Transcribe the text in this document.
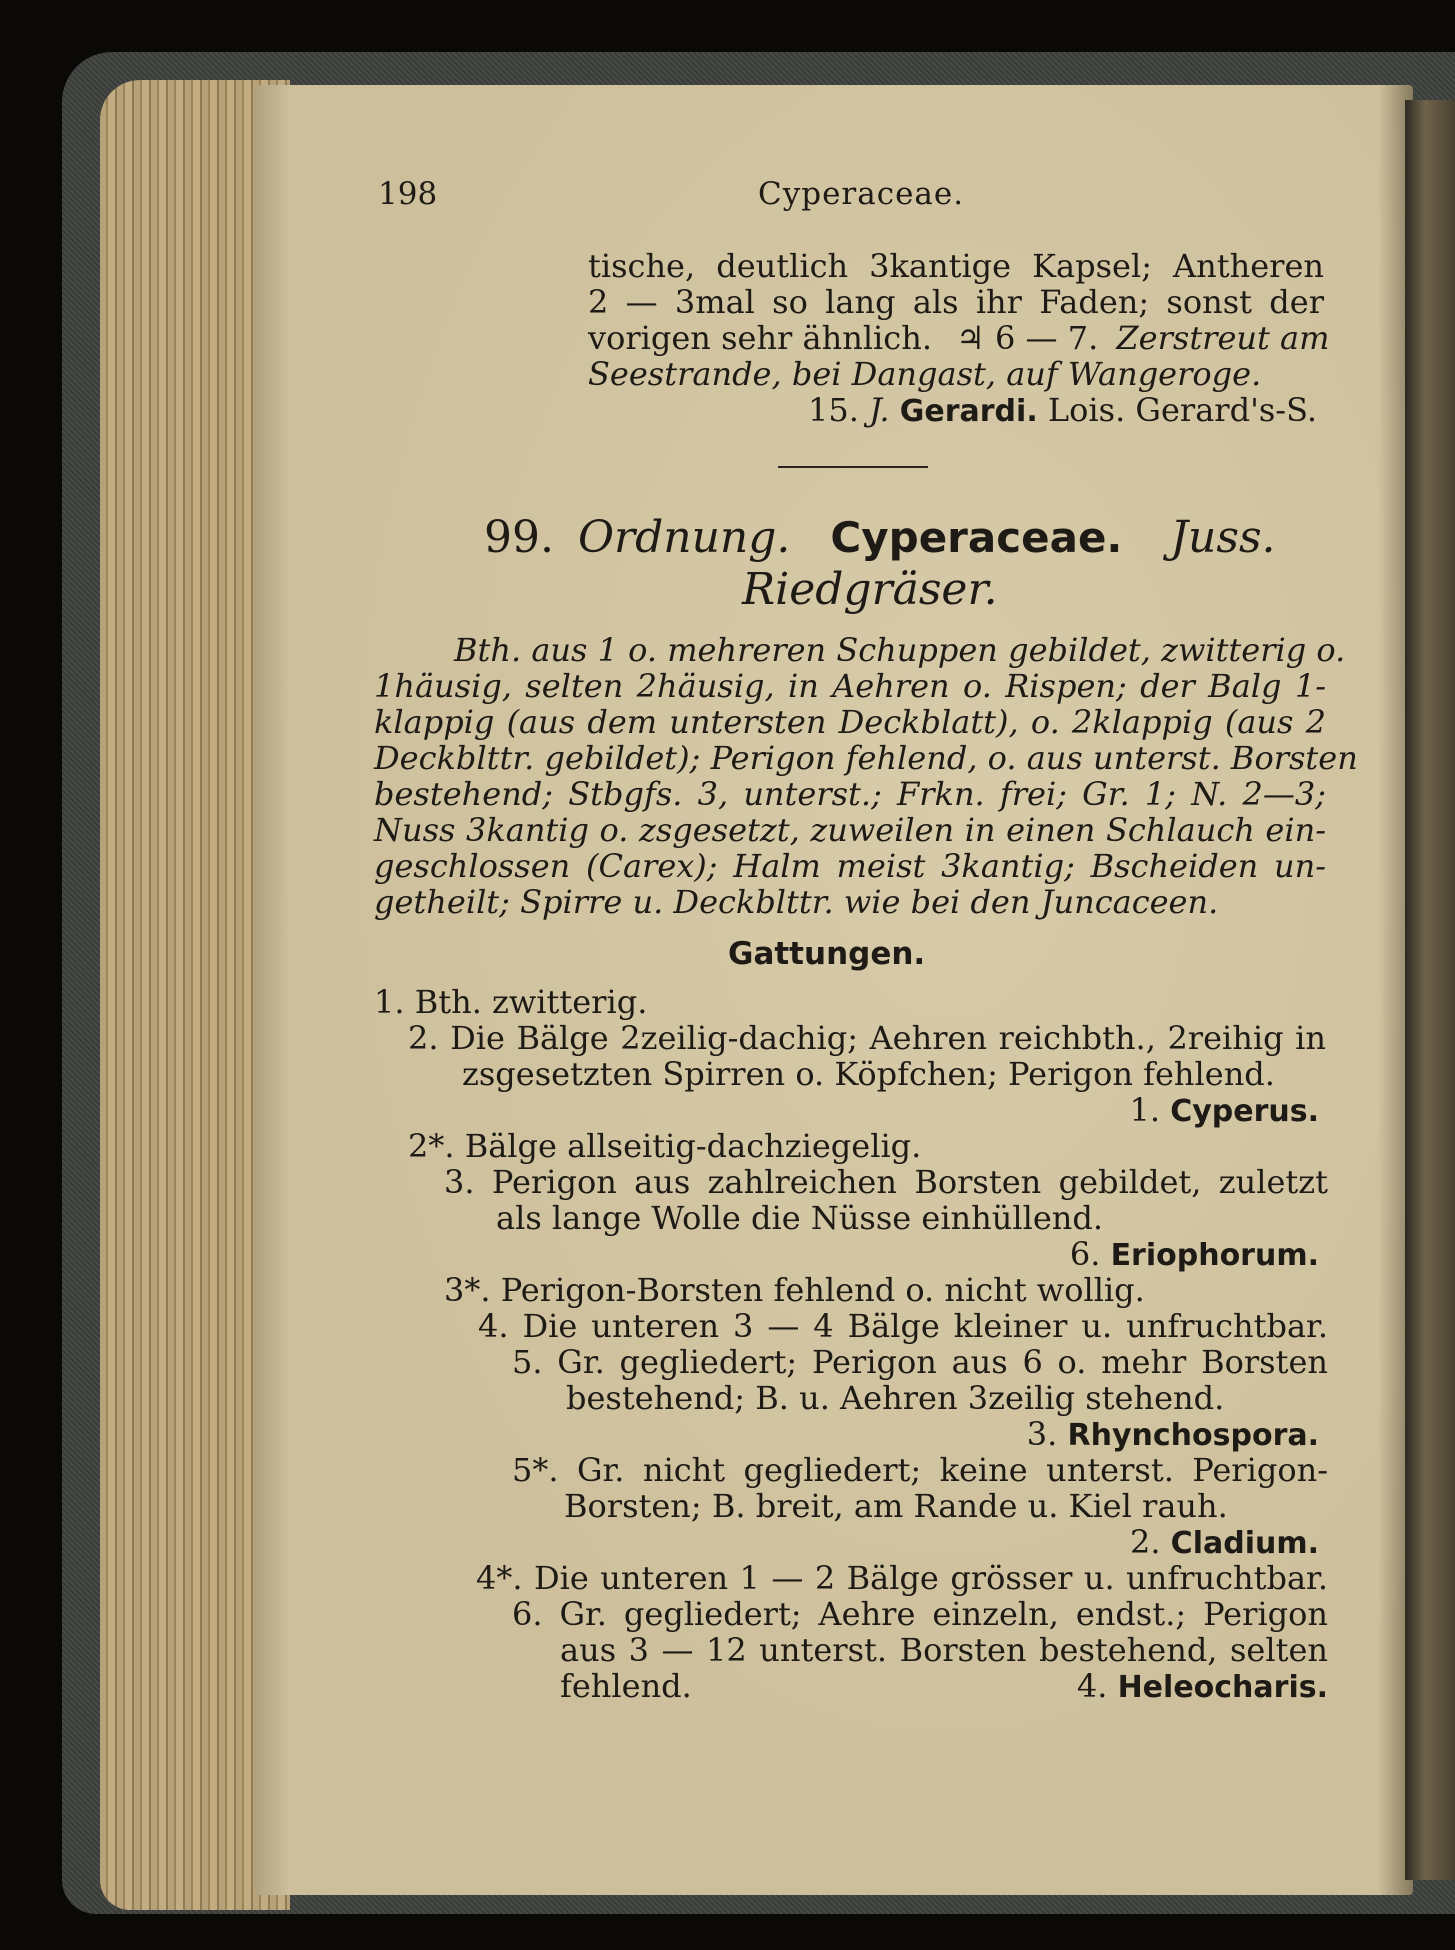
198	Cyperaceae.
tische, deutlich 3kantige Kapsel; Antheren
2 — 3mal so lang als ihr Faden; sonst der
vorigen sehr ähnlich. ♃ 6 — 7. Zerstreut am
Seestrande, bei Dangast, auf Wangeroge.
15. J. Gerardi. Lois. Gerard's-S.
99. Ordnung. Cyperaceae. Juss.
Riedgräser.
Bth. aus 1 o. mehreren Schuppen gebildet, zwitterig o.
1häusig, selten 2häusig, in Aehren o. Rispen; der Balg 1-
klappig (aus dem untersten Deckblatt), o. 2klappig (aus 2
Deckblttr. gebildet); Perigon fehlend, o. aus unterst. Borsten
bestehend; Stbgfs. 3, unterst.; Frkn. frei; Gr. 1; N. 2—3;
Nuss 3kantig o. zsgesetzt, zuweilen in einen Schlauch ein-
geschlossen (Carex); Halm meist 3kantig; Bscheiden un-
getheilt; Spirre u. Deckblttr. wie bei den Juncaceen.
Gattungen.
1. Bth. zwitterig.
2. Die Bälge 2zeilig-dachig; Aehren reichbth., 2reihig in
zsgesetzten Spirren o. Köpfchen; Perigon fehlend.
1. Cyperus.
2*. Bälge allseitig-dachziegelig.
3. Perigon aus zahlreichen Borsten gebildet, zuletzt
als lange Wolle die Nüsse einhüllend.
6. Eriophorum.
3*. Perigon-Borsten fehlend o. nicht wollig.
4. Die unteren 3 — 4 Bälge kleiner u. unfruchtbar.
5. Gr. gegliedert; Perigon aus 6 o. mehr Borsten
bestehend; B. u. Aehren 3zeilig stehend.
3. Rhynchospora.
5*. Gr. nicht gegliedert; keine unterst. Perigon-
Borsten; B. breit, am Rande u. Kiel rauh.
2. Cladium.
4*. Die unteren 1 — 2 Bälge grösser u. unfruchtbar.
6. Gr. gegliedert; Aehre einzeln, endst.; Perigon
aus 3 — 12 unterst. Borsten bestehend, selten
fehlend.	4. Heleocharis.
